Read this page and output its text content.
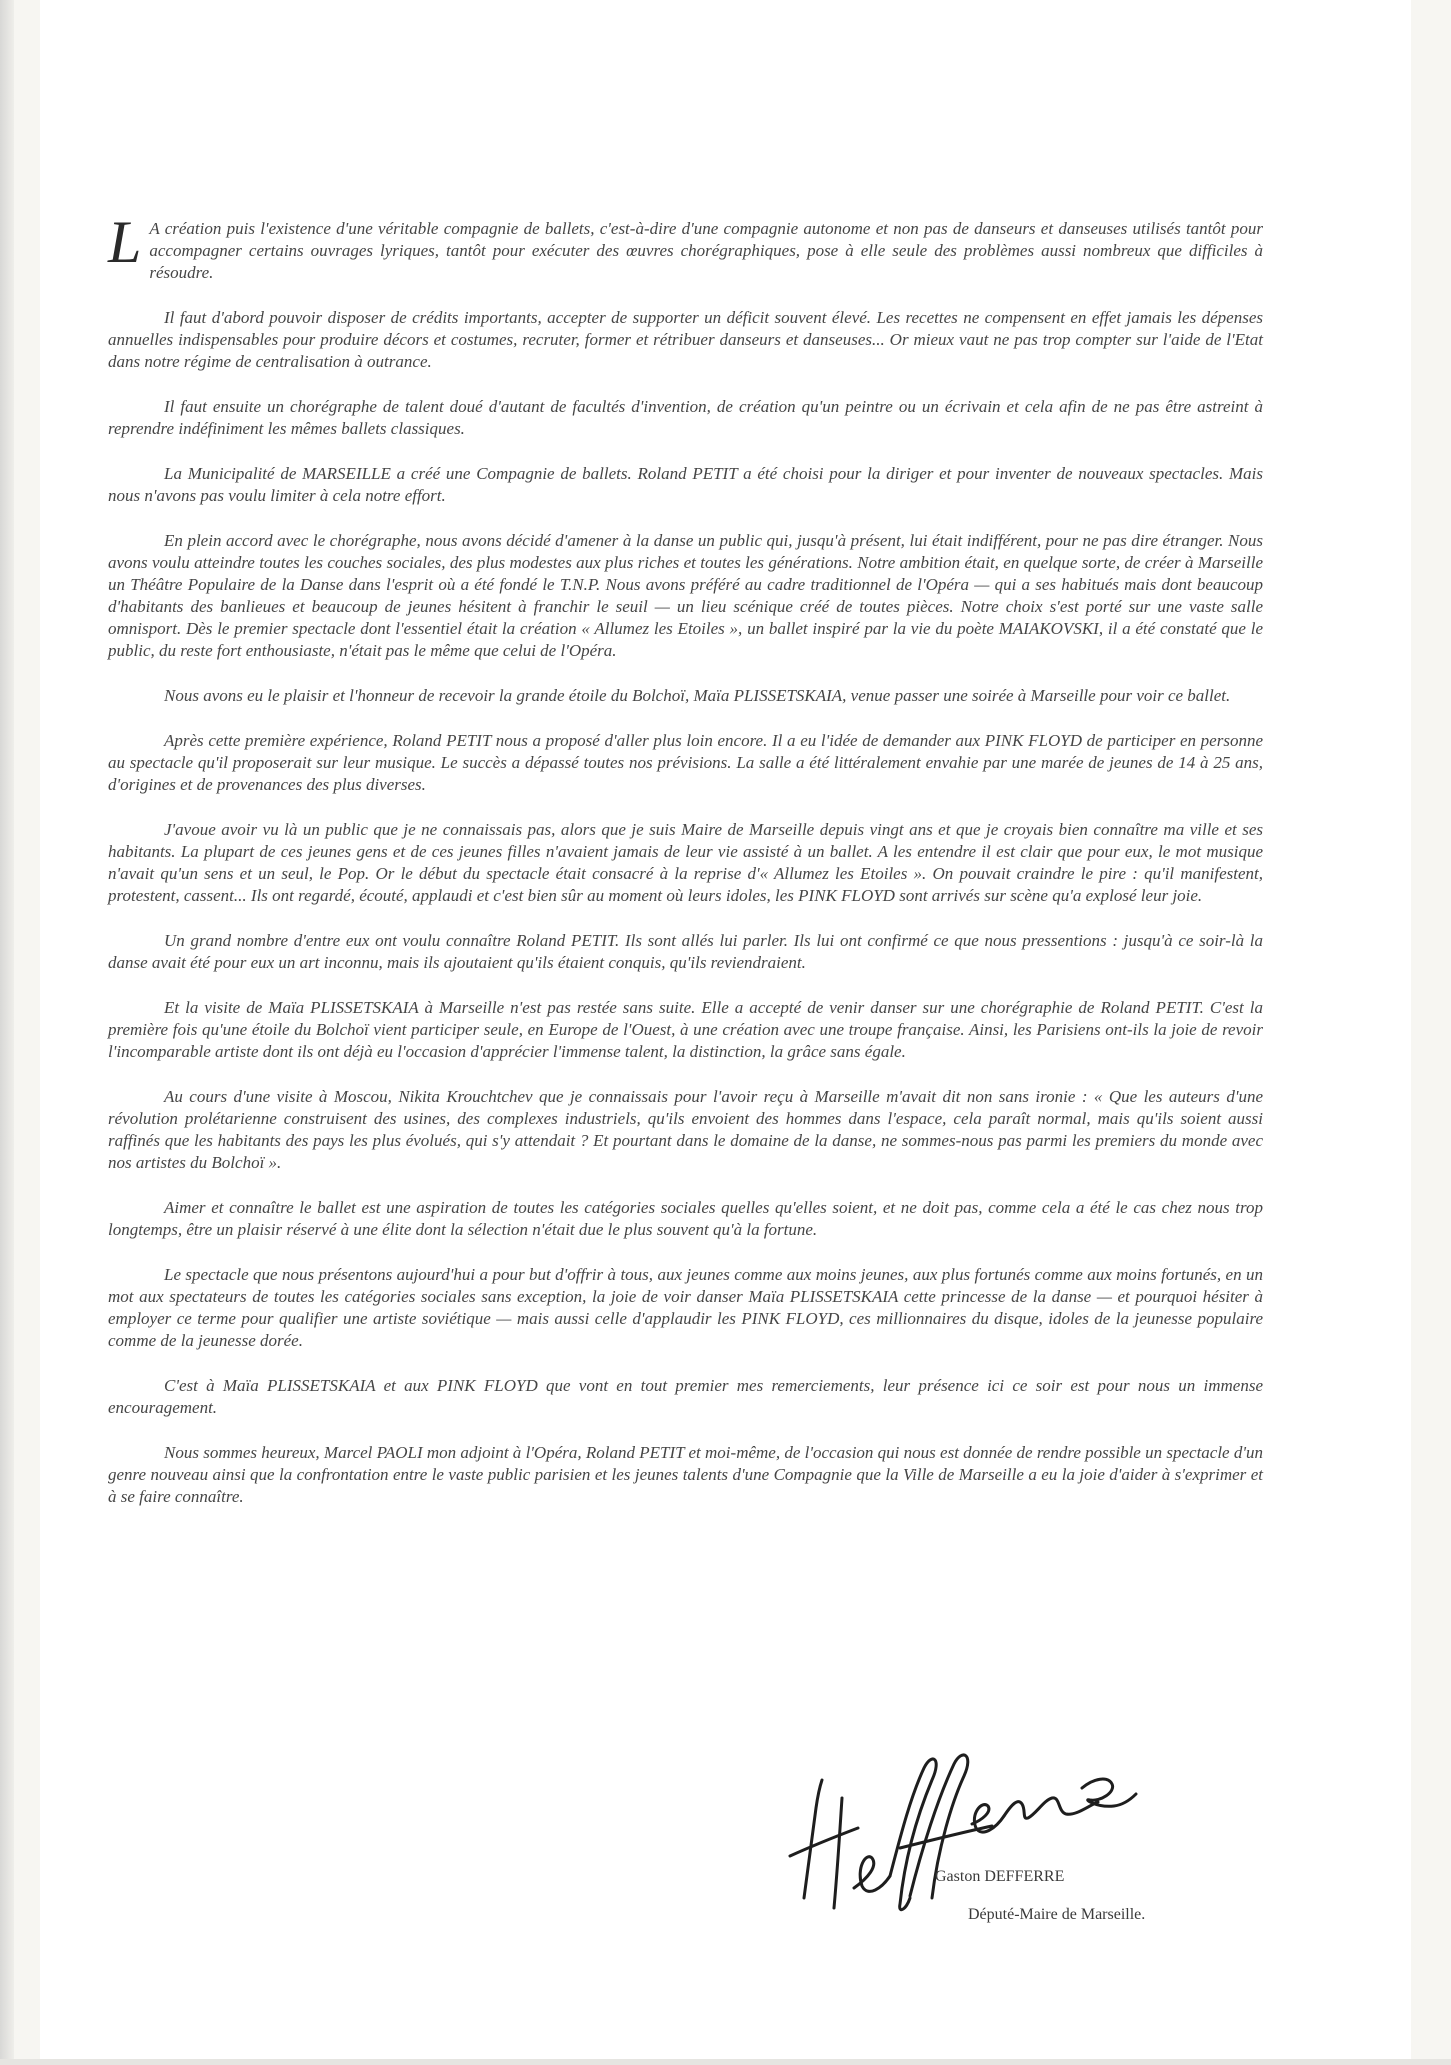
L A création puis l'existence d'une véritable compagnie de ballets, c'est-à-dire d'une compagnie autonome et non pas de danseurs et danseuses utilisés tantôt pour accompagner certains ouvrages lyriques, tantôt pour exécuter des œuvres chorégraphiques, pose à elle seule des problèmes aussi nombreux que difficiles à résoudre.

Il faut d'abord pouvoir disposer de crédits importants, accepter de supporter un déficit souvent élevé. Les recettes ne compensent en effet jamais les dépenses annuelles indispensables pour produire décors et costumes, recruter, former et rétribuer danseurs et danseuses... Or mieux vaut ne pas trop compter sur l'aide de l'Etat dans notre régime de centralisation à outrance.

Il faut ensuite un chorégraphe de talent doué d'autant de facultés d'invention, de création qu'un peintre ou un écrivain et cela afin de ne pas être astreint à reprendre indéfiniment les mêmes ballets classiques.

La Municipalité de MARSEILLE a créé une Compagnie de ballets. Roland PETIT a été choisi pour la diriger et pour inventer de nouveaux spectacles. Mais nous n'avons pas voulu limiter à cela notre effort.

En plein accord avec le chorégraphe, nous avons décidé d'amener à la danse un public qui, jusqu'à présent, lui était indifférent, pour ne pas dire étranger. Nous avons voulu atteindre toutes les couches sociales, des plus modestes aux plus riches et toutes les générations. Notre ambition était, en quelque sorte, de créer à Marseille un Théâtre Populaire de la Danse dans l'esprit où a été fondé le T.N.P. Nous avons préféré au cadre traditionnel de l'Opéra — qui a ses habitués mais dont beaucoup d'habitants des banlieues et beaucoup de jeunes hésitent à franchir le seuil — un lieu scénique créé de toutes pièces. Notre choix s'est porté sur une vaste salle omnisport. Dès le premier spectacle dont l'essentiel était la création « Allumez les Etoiles », un ballet inspiré par la vie du poète MAIAKOVSKI, il a été constaté que le public, du reste fort enthousiaste, n'était pas le même que celui de l'Opéra.

Nous avons eu le plaisir et l'honneur de recevoir la grande étoile du Bolchoï, Maïa PLISSETSKAIA, venue passer une soirée à Marseille pour voir ce ballet.

Après cette première expérience, Roland PETIT nous a proposé d'aller plus loin encore. Il a eu l'idée de demander aux PINK FLOYD de participer en personne au spectacle qu'il proposerait sur leur musique. Le succès a dépassé toutes nos prévisions. La salle a été littéralement envahie par une marée de jeunes de 14 à 25 ans, d'origines et de provenances des plus diverses.

J'avoue avoir vu là un public que je ne connaissais pas, alors que je suis Maire de Marseille depuis vingt ans et que je croyais bien connaître ma ville et ses habitants. La plupart de ces jeunes gens et de ces jeunes filles n'avaient jamais de leur vie assisté à un ballet. A les entendre il est clair que pour eux, le mot musique n'avait qu'un sens et un seul, le Pop. Or le début du spectacle était consacré à la reprise d'« Allumez les Etoiles ». On pouvait craindre le pire : qu'il manifestent, protestent, cassent... Ils ont regardé, écouté, applaudi et c'est bien sûr au moment où leurs idoles, les PINK FLOYD sont arrivés sur scène qu'a explosé leur joie.

Un grand nombre d'entre eux ont voulu connaître Roland PETIT. Ils sont allés lui parler. Ils lui ont confirmé ce que nous pressentions : jusqu'à ce soir-là la danse avait été pour eux un art inconnu, mais ils ajoutaient qu'ils étaient conquis, qu'ils reviendraient.

Et la visite de Maïa PLISSETSKAIA à Marseille n'est pas restée sans suite. Elle a accepté de venir danser sur une chorégraphie de Roland PETIT. C'est la première fois qu'une étoile du Bolchoï vient participer seule, en Europe de l'Ouest, à une création avec une troupe française. Ainsi, les Parisiens ont-ils la joie de revoir l'incomparable artiste dont ils ont déjà eu l'occasion d'apprécier l'immense talent, la distinction, la grâce sans égale.

Au cours d'une visite à Moscou, Nikita Krouchtchev que je connaissais pour l'avoir reçu à Marseille m'avait dit non sans ironie : « Que les auteurs d'une révolution prolétarienne construisent des usines, des complexes industriels, qu'ils envoient des hommes dans l'espace, cela paraît normal, mais qu'ils soient aussi raffinés que les habitants des pays les plus évolués, qui s'y attendait ? Et pourtant dans le domaine de la danse, ne sommes-nous pas parmi les premiers du monde avec nos artistes du Bolchoï ».

Aimer et connaître le ballet est une aspiration de toutes les catégories sociales quelles qu'elles soient, et ne doit pas, comme cela a été le cas chez nous trop longtemps, être un plaisir réservé à une élite dont la sélection n'était due le plus souvent qu'à la fortune.

Le spectacle que nous présentons aujourd'hui a pour but d'offrir à tous, aux jeunes comme aux moins jeunes, aux plus fortunés comme aux moins fortunés, en un mot aux spectateurs de toutes les catégories sociales sans exception, la joie de voir danser Maïa PLISSETSKAIA cette princesse de la danse — et pourquoi hésiter à employer ce terme pour qualifier une artiste soviétique — mais aussi celle d'applaudir les PINK FLOYD, ces millionnaires du disque, idoles de la jeunesse populaire comme de la jeunesse dorée.

C'est à Maïa PLISSETSKAIA et aux PINK FLOYD que vont en tout premier mes remerciements, leur présence ici ce soir est pour nous un immense encouragement.

Nous sommes heureux, Marcel PAOLI mon adjoint à l'Opéra, Roland PETIT et moi-même, de l'occasion qui nous est donnée de rendre possible un spectacle d'un genre nouveau ainsi que la confrontation entre le vaste public parisien et les jeunes talents d'une Compagnie que la Ville de Marseille a eu la joie d'aider à s'exprimer et à se faire connaître.

Gaston DEFFERRE
Député-Maire de Marseille.
